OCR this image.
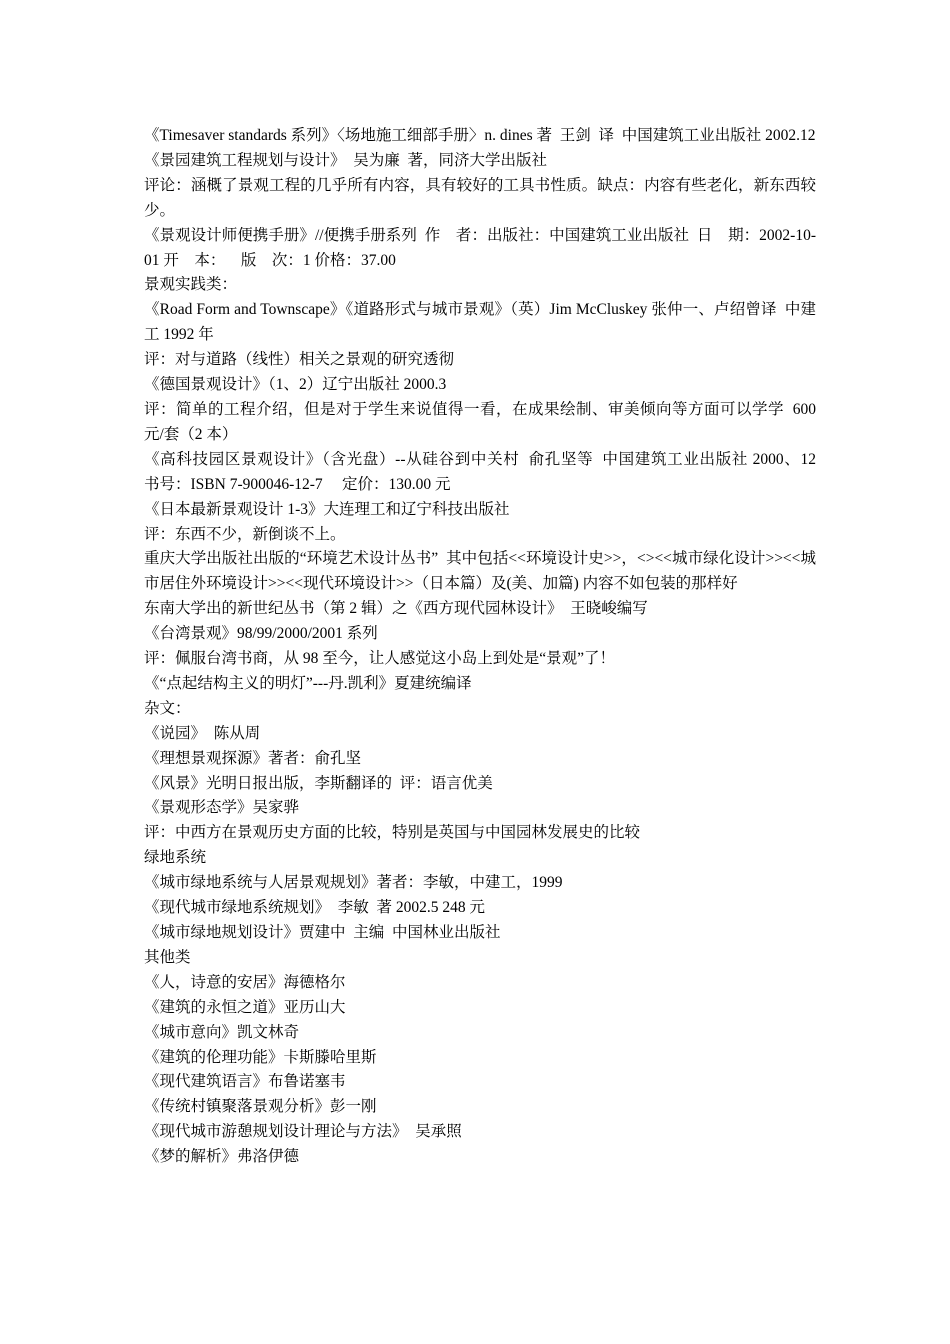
《Timesaver standards 系列》〈场地施工细部手册〉n. dines 著  王剑  译  中国建筑工业出版社 2002.12
《景园建筑工程规划与设计》  吴为廉  著，同济大学出版社
评论：涵概了景观工程的几乎所有内容，具有较好的工具书性质。缺点：内容有些老化，新东西较少。
《景观设计师便携手册》//便携手册系列  作    者：出版社：中国建筑工业出版社  日    期：2002-10-01 开    本：    版    次：1 价格：37.00
景观实践类：
《Road Form and Townscape》《道路形式与城市景观》（英）Jim McCluskey 张仲一、卢绍曾译  中建工 1992 年
评：对与道路（线性）相关之景观的研究透彻
《德国景观设计》（1、2）辽宁出版社 2000.3
评：简单的工程介绍，但是对于学生来说值得一看，在成果绘制、审美倾向等方面可以学学  600 元/套（2 本）
《高科技园区景观设计》（含光盘）--从硅谷到中关村  俞孔坚等  中国建筑工业出版社 2000、12     书号：ISBN 7-900046-12-7     定价：130.00 元
《日本最新景观设计 1-3》大连理工和辽宁科技出版社
评：东西不少，新倒谈不上。
重庆大学出版社出版的“环境艺术设计丛书”  其中包括<<环境设计史>>，<><<城市绿化设计>><<城市居住外环境设计>><<现代环境设计>>（日本篇）及(美、加篇) 内容不如包装的那样好
东南大学出的新世纪丛书（第 2 辑）之《西方现代园林设计》  王晓峻编写
《台湾景观》98/99/2000/2001 系列
评：佩服台湾书商，从 98 至今，让人感觉这小岛上到处是“景观”了！
《“点起结构主义的明灯”---丹.凯利》夏建统编译
杂文：
《说园》  陈从周
《理想景观探源》著者：俞孔坚
《风景》光明日报出版，李斯翻译的  评：语言优美
《景观形态学》吴家骅
评：中西方在景观历史方面的比较，特别是英国与中国园林发展史的比较
绿地系统
《城市绿地系统与人居景观规划》著者：李敏，中建工，1999
《现代城市绿地系统规划》  李敏  著 2002.5 248 元
《城市绿地规划设计》贾建中  主编  中国林业出版社
其他类
《人，诗意的安居》海德格尔
《建筑的永恒之道》亚历山大
《城市意向》凯文林奇
《建筑的伦理功能》卡斯滕哈里斯
《现代建筑语言》布鲁诺塞韦
《传统村镇聚落景观分析》彭一刚
《现代城市游憩规划设计理论与方法》  吴承照
《梦的解析》弗洛伊德
